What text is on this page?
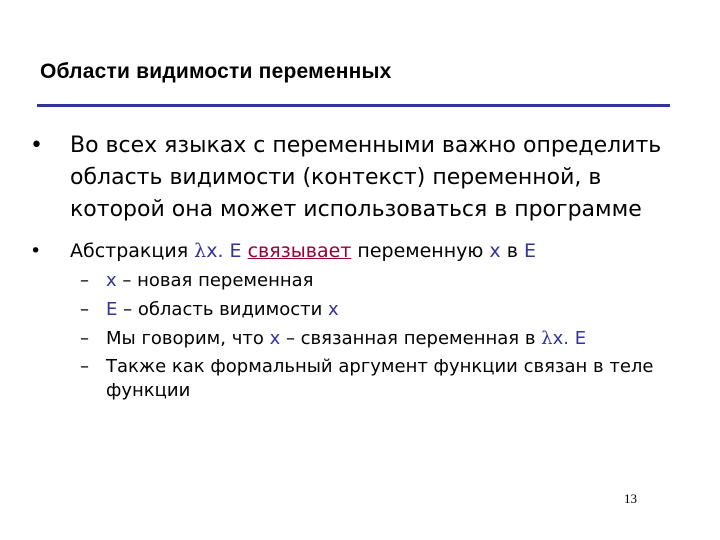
Области видимости переменных
• Во всех языках с переменными важно определить область видимости (контекст) переменной, в которой она может использоваться в программе
• Абстракция λx. E связывает переменную x в E
– x – новая переменная
– E – область видимости x
– Мы говорим, что x – связанная переменная в λx. E
– Также как формальный аргумент функции связан в теле функции
13
